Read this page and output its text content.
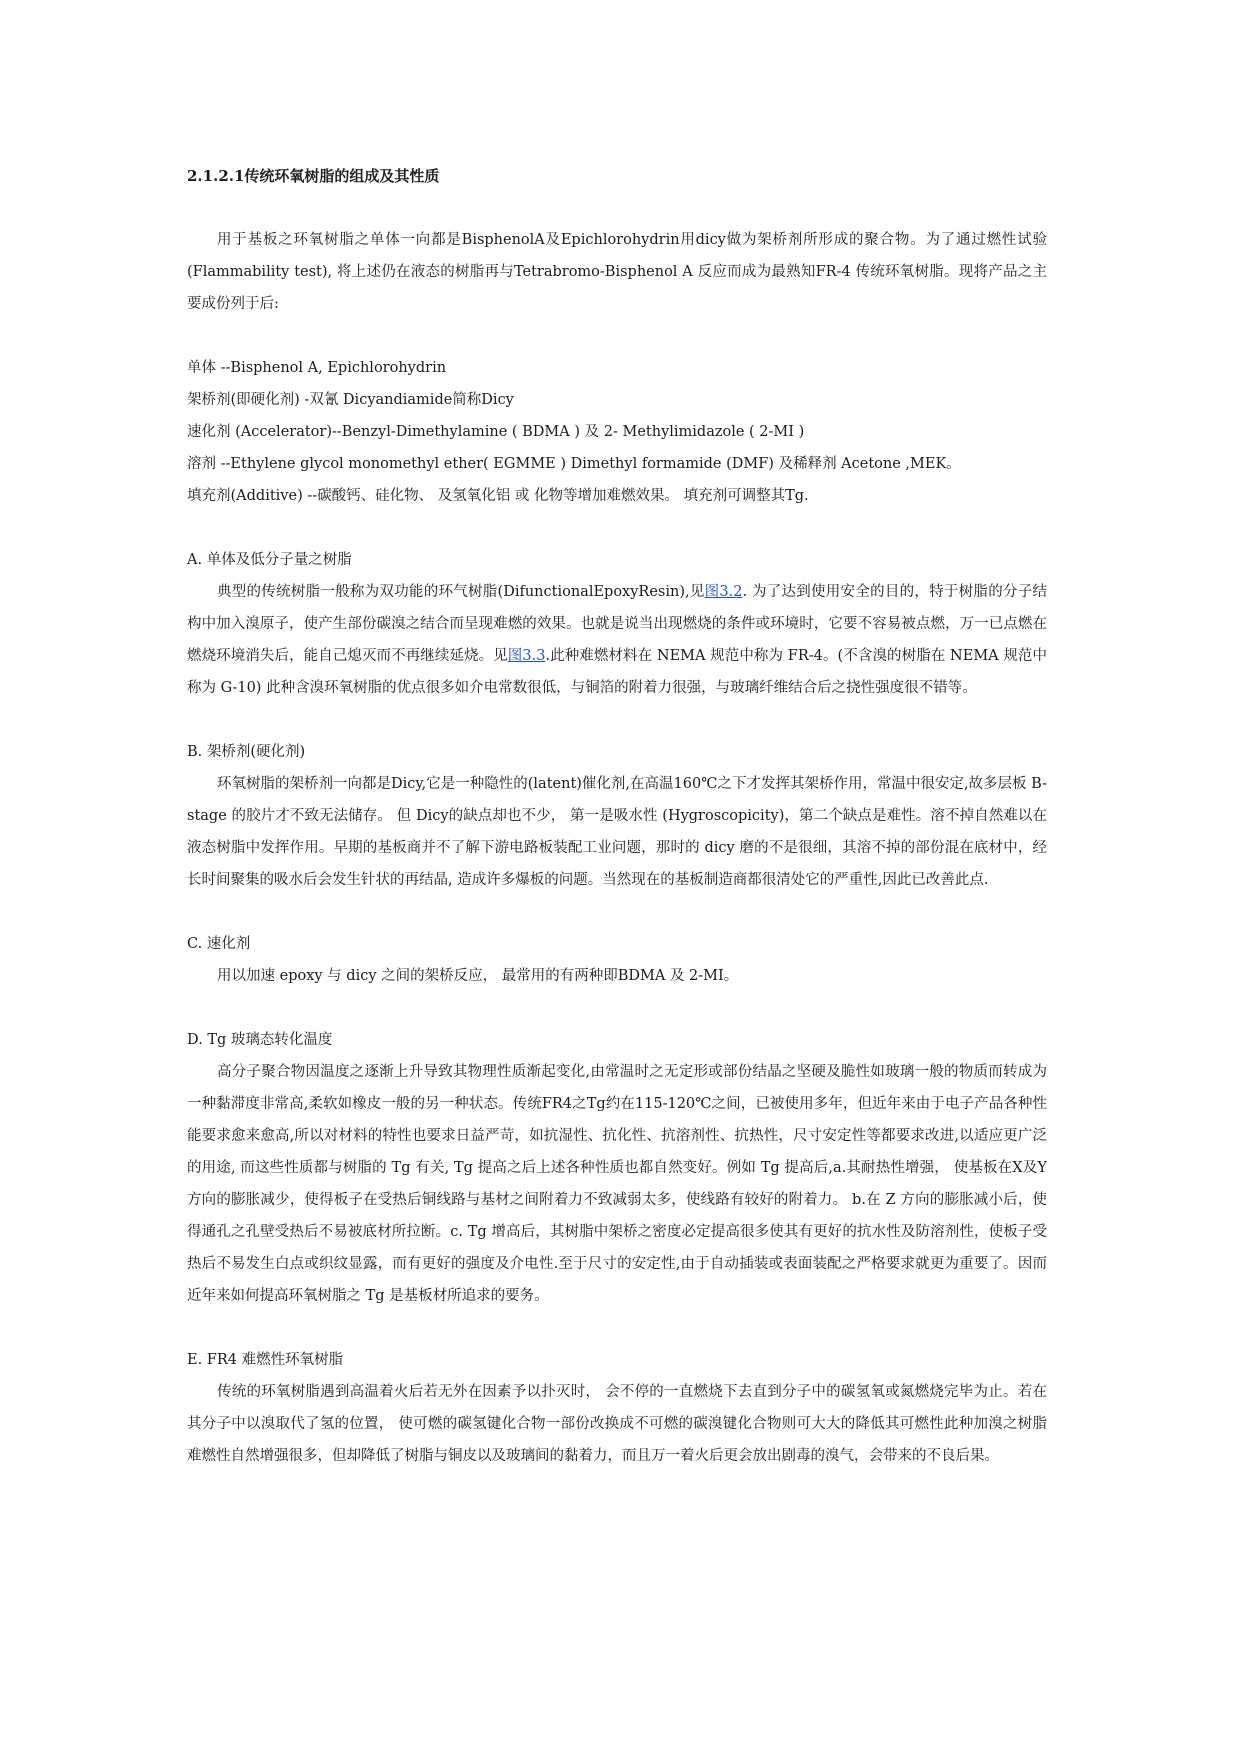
2.1.2.1传统环氧树脂的组成及其性质

用于基板之环氧树脂之单体一向都是BisphenolA及Epichlorohydrin用dicy做为架桥剂所形成的聚合物。为了通过燃性试验(Flammability test), 将上述仍在液态的树脂再与Tetrabromo-Bisphenol A 反应而成为最熟知FR-4 传统环氧树脂。现将产品之主要成份列于后:

单体 --Bisphenol A, Epichlorohydrin

架桥剂(即硬化剂) -双氰 Dicyandiamide简称Dicy

速化剂 (Accelerator)--Benzyl-Dimethylamine ( BDMA ) 及 2- Methylimidazole ( 2-MI )

溶剂 --Ethylene glycol monomethyl ether( EGMME ) Dimethyl formamide (DMF) 及稀释剂 Acetone ,MEK。

填充剂(Additive) --碳酸钙、硅化物、 及氢氧化铝 或 化物等增加难燃效果。 填充剂可调整其Tg.

A. 单体及低分子量之树脂

典型的传统树脂一般称为双功能的环气树脂(DifunctionalEpoxyResin),见图3.2. 为了达到使用安全的目的，特于树脂的分子结构中加入溴原子，使产生部份碳溴之结合而呈现难燃的效果。也就是说当出现燃烧的条件或环境时，它要不容易被点燃，万一已点燃在燃烧环境消失后，能自己熄灭而不再继续延烧。见图3.3.此种难燃材料在 NEMA 规范中称为 FR-4。(不含溴的树脂在 NEMA 规范中称为 G-10) 此种含溴环氧树脂的优点很多如介电常数很低，与铜箔的附着力很强，与玻璃纤维结合后之挠性强度很不错等。

B. 架桥剂(硬化剂)

环氧树脂的架桥剂一向都是Dicy,它是一种隐性的(latent)催化剂,在高温160℃之下才发挥其架桥作用，常温中很安定,故多层板 B-stage 的胶片才不致无法储存。 但 Dicy的缺点却也不少， 第一是吸水性 (Hygroscopicity)，第二个缺点是难性。溶不掉自然难以在液态树脂中发挥作用。早期的基板商并不了解下游电路板装配工业问题，那时的 dicy 磨的不是很细，其溶不掉的部份混在底材中，经长时间聚集的吸水后会发生针状的再结晶, 造成许多爆板的问题。当然现在的基板制造商都很清处它的严重性,因此已改善此点.

C. 速化剂

用以加速 epoxy 与 dicy 之间的架桥反应， 最常用的有两种即BDMA 及 2-MI。

D. Tg 玻璃态转化温度

高分子聚合物因温度之逐渐上升导致其物理性质渐起变化,由常温时之无定形或部份结晶之坚硬及脆性如玻璃一般的物质而转成为一种黏滞度非常高,柔软如橡皮一般的另一种状态。传统FR4之Tg约在115-120℃之间，已被使用多年，但近年来由于电子产品各种性能要求愈来愈高,所以对材料的特性也要求日益严苛，如抗湿性、抗化性、抗溶剂性、抗热性，尺寸安定性等都要求改进,以适应更广泛的用途, 而这些性质都与树脂的 Tg 有关, Tg 提高之后上述各种性质也都自然变好。例如 Tg 提高后,a.其耐热性增强， 使基板在X及Y方向的膨胀减少，使得板子在受热后铜线路与基材之间附着力不致减弱太多，使线路有较好的附着力。 b.在 Z 方向的膨胀减小后，使得通孔之孔壁受热后不易被底材所拉断。c. Tg 增高后，其树脂中架桥之密度必定提高很多使其有更好的抗水性及防溶剂性，使板子受热后不易发生白点或织纹显露，而有更好的强度及介电性.至于尺寸的安定性,由于自动插装或表面装配之严格要求就更为重要了。因而近年来如何提高环氧树脂之 Tg 是基板材所追求的要务。

E. FR4 难燃性环氧树脂

传统的环氧树脂遇到高温着火后若无外在因素予以扑灭时， 会不停的一直燃烧下去直到分子中的碳氢氧或氮燃烧完毕为止。若在其分子中以溴取代了氢的位置， 使可燃的碳氢键化合物一部份改换成不可燃的碳溴键化合物则可大大的降低其可燃性此种加溴之树脂难燃性自然增强很多，但却降低了树脂与铜皮以及玻璃间的黏着力，而且万一着火后更会放出剧毒的溴气，会带来的不良后果。
